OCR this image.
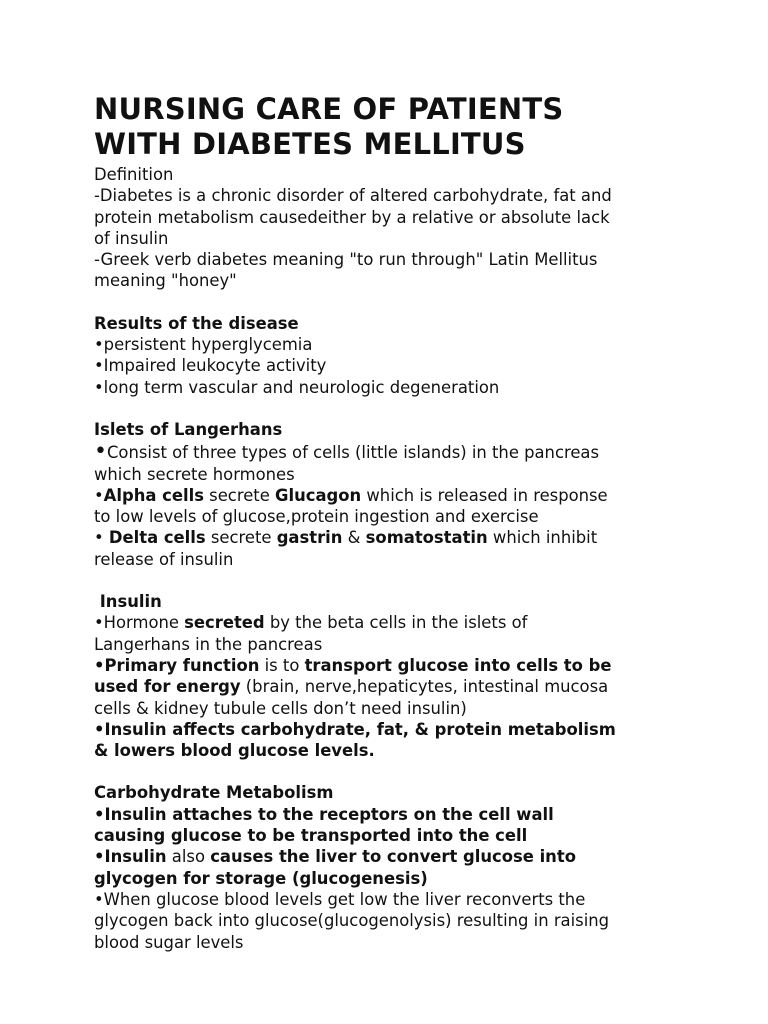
NURSING CARE OF PATIENTS
WITH DIABETES MELLITUS
Definition
-Diabetes is a chronic disorder of altered carbohydrate, fat and
protein metabolism causedeither by a relative or absolute lack
of insulin
-Greek verb diabetes meaning "to run through" Latin Mellitus
meaning "honey"
Results of the disease
•persistent hyperglycemia
•Impaired leukocyte activity
•long term vascular and neurologic degeneration
Islets of Langerhans
•Consist of three types of cells (little islands) in the pancreas
which secrete hormones
•Alpha cells secrete Glucagon which is released in response
to low levels of glucose,protein ingestion and exercise
• Delta cells secrete gastrin & somatostatin which inhibit
release of insulin
Insulin
•Hormone secreted by the beta cells in the islets of
Langerhans in the pancreas
•Primary function is to transport glucose into cells to be
used for energy (brain, nerve,hepaticytes, intestinal mucosa
cells & kidney tubule cells don’t need insulin)
•Insulin affects carbohydrate, fat, & protein metabolism
& lowers blood glucose levels.
Carbohydrate Metabolism
•Insulin attaches to the receptors on the cell wall
causing glucose to be transported into the cell
•Insulin also causes the liver to convert glucose into
glycogen for storage (glucogenesis)
•When glucose blood levels get low the liver reconverts the
glycogen back into glucose(glucogenolysis) resulting in raising
blood sugar levels
